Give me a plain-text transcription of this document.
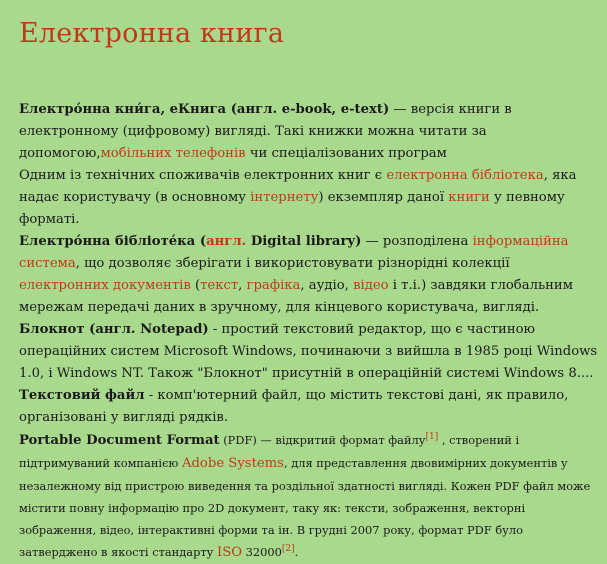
Електронна книга

Електро́нна кни́га, еКнига (англ. e-book, e-text) — версія книги в електронному (цифровому) вигляді. Такі книжки можна читати за допомогою,мобільних телефонів чи спеціалізованих програм

Одним із технічних споживачів електронних книг є електронна бібліотека, яка надає користувачу (в основному інтернету) екземпляр даної книги у певному форматі.

Електро́нна бібліоте́ка (англ. Digital library) — розподілена інформаційна система, що дозволяє зберігати і використовувати різнорідні колекції електронних документів (текст, графіка, аудіо, відео і т.і.) завдяки глобальним мережам передачі даних в зручному, для кінцевого користувача, вигляді.

Блокнот (англ. Notepad) - простий текстовий редактор, що є частиною операційних систем Microsoft Windows, починаючи з вийшла в 1985 році Windows 1.0, і Windows NT. Також "Блокнот" присутній в операційній системі Windows 8....

Текстовий файл - комп'ютерний файл, що містить текстові дані, як правило, організовані у вигляді рядків.

Portable Document Format (PDF) — відкритий формат файлу[1] , створений і підтримуваний компанією Adobe Systems, для представлення двовимірних документів у незалежному від пристрою виведення та роздільної здатності вигляді. Кожен PDF файл може містити повну інформацію про 2D документ, таку як: тексти, зображення, векторні зображення, відео, інтерактивні форми та ін. В грудні 2007 року, формат PDF було затверджено в якості стандарту ISO 32000[2].
